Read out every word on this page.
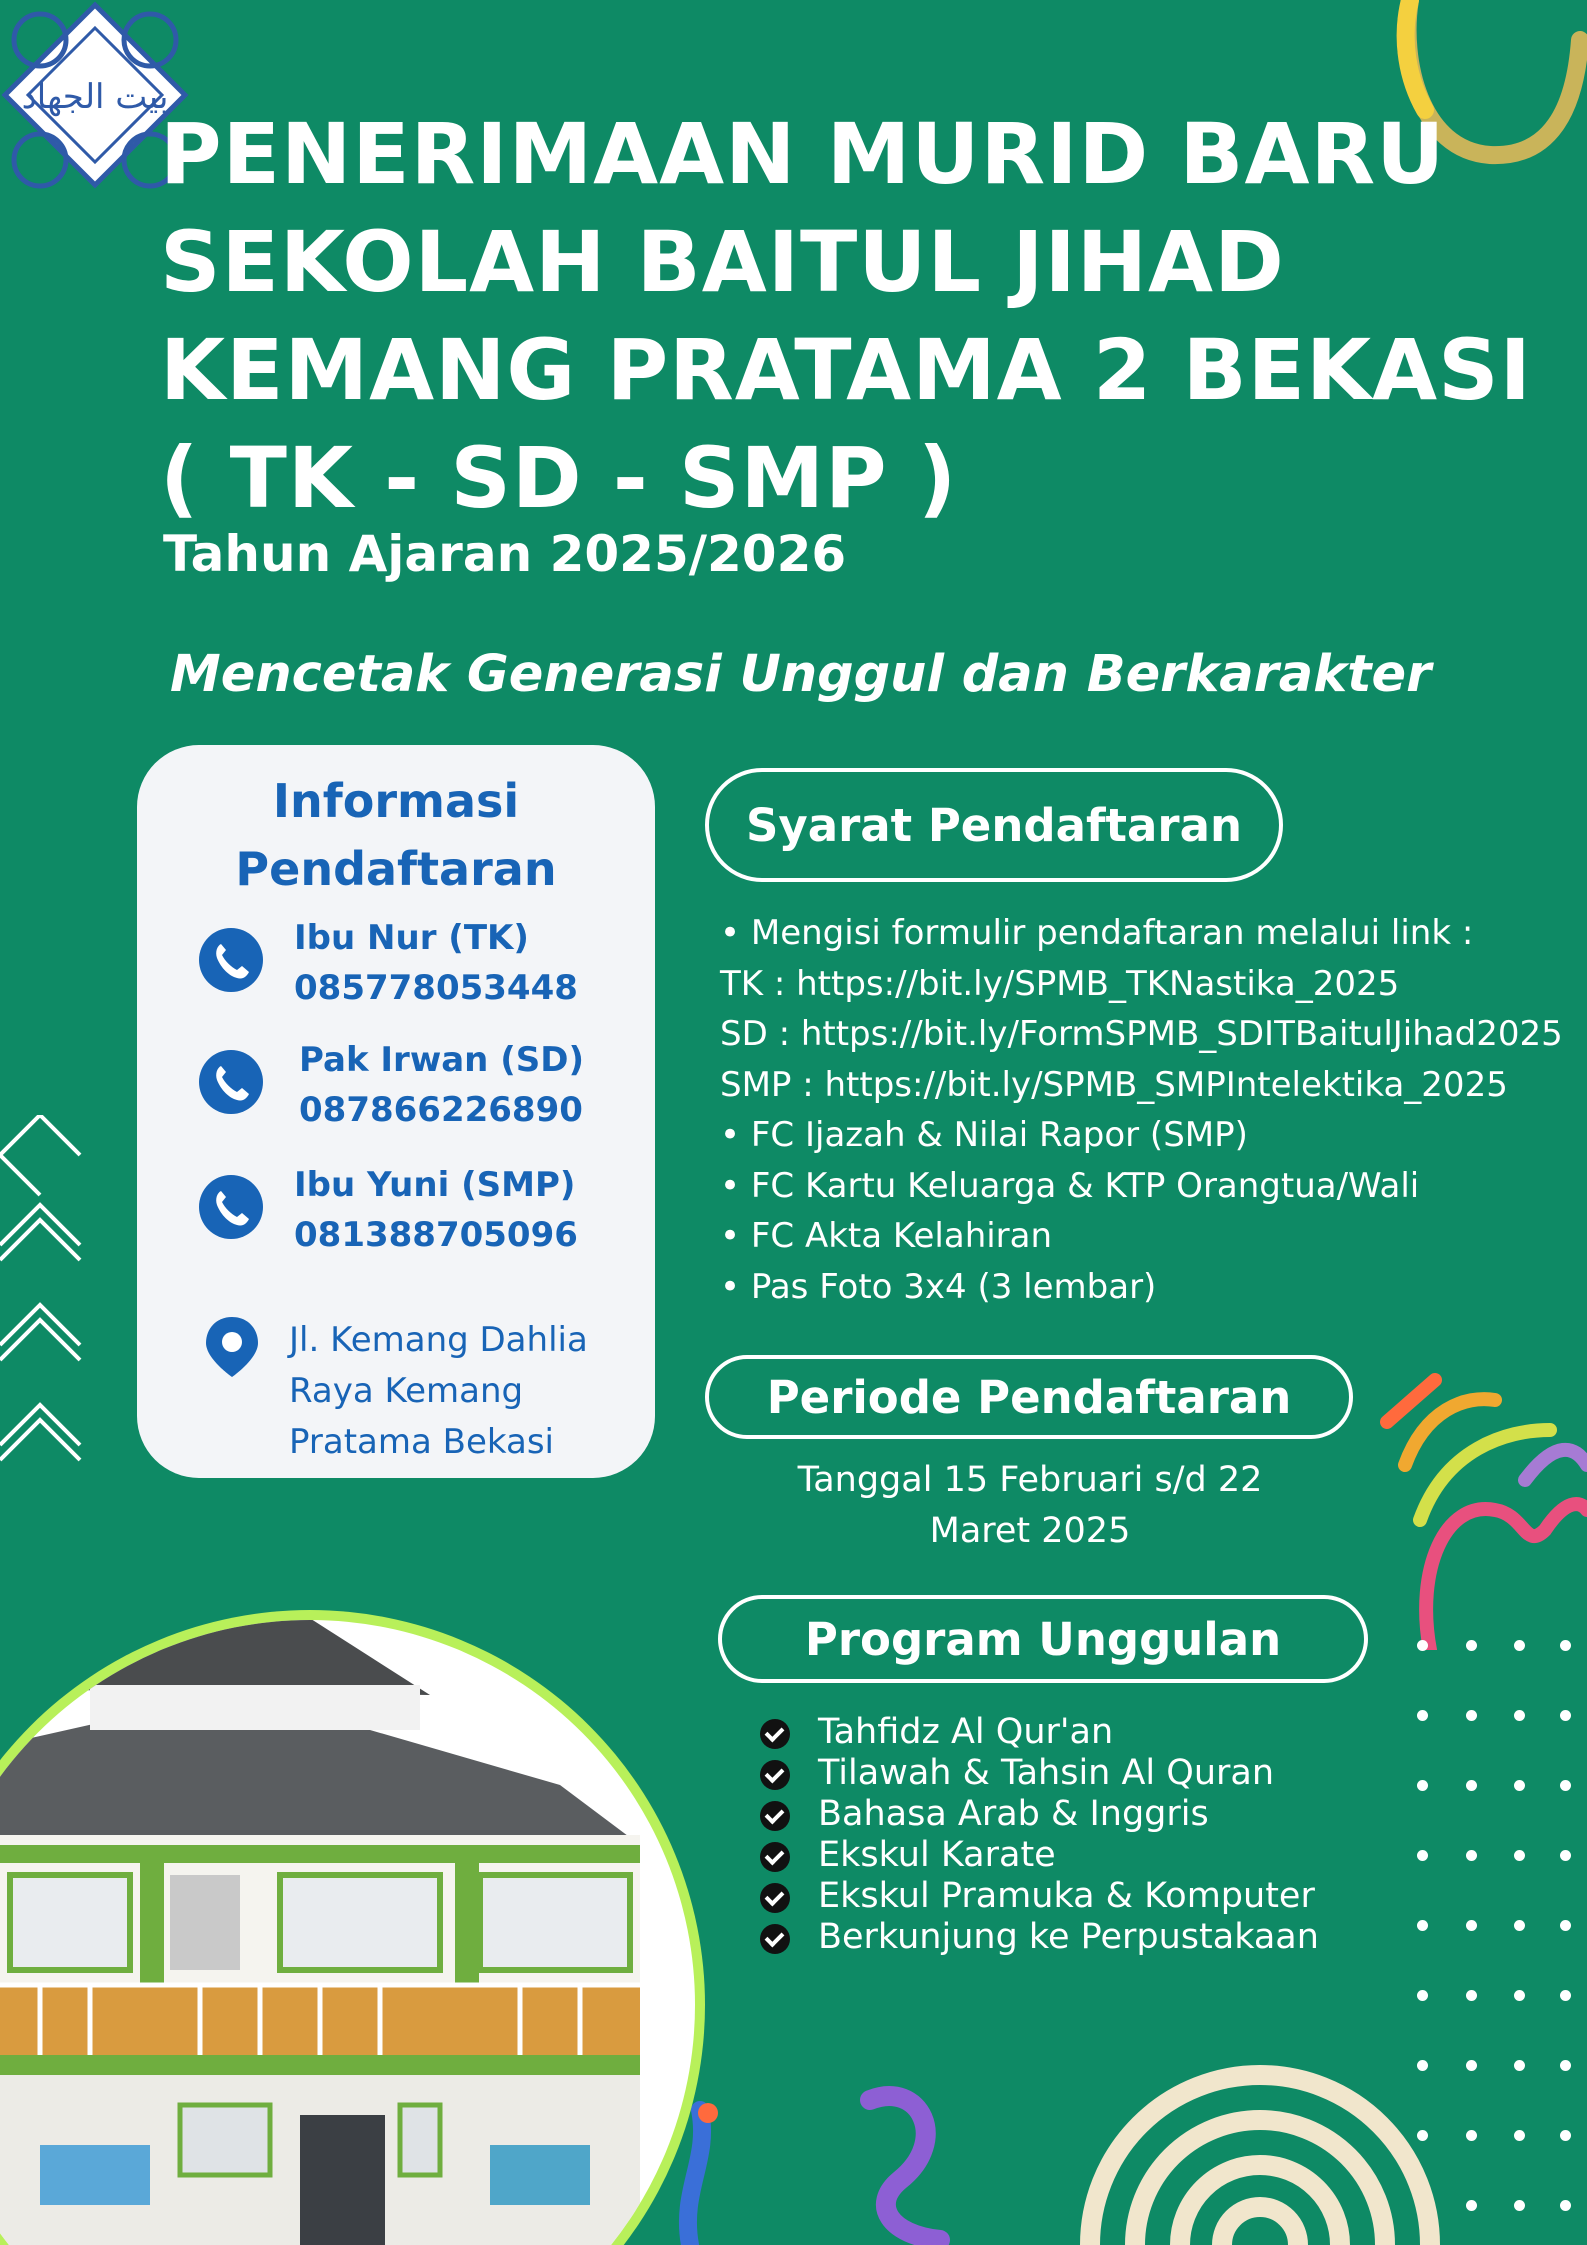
بيت الجهاد
PENERIMAAN MURID BARU
SEKOLAH BAITUL JIHAD
KEMANG PRATAMA 2 BEKASI
( TK - SD - SMP )

Tahun Ajaran 2025/2026

Mencetak Generasi Unggul dan Berkarakter

Informasi
Pendaftaran
Ibu Nur (TK)
085778053448
Pak Irwan (SD)
087866226890
Ibu Yuni (SMP)
081388705096
Jl. Kemang Dahlia
Raya Kemang
Pratama Bekasi
Syarat Pendaftaran
• Mengisi formulir pendaftaran melalui link :
TK : https://bit.ly/SPMB_TKNastika_2025
SD : https://bit.ly/FormSPMB_SDITBaitulJihad2025
SMP : https://bit.ly/SPMB_SMPIntelektika_2025
• FC Ijazah & Nilai Rapor (SMP)
• FC Kartu Keluarga & KTP Orangtua/Wali
• FC Akta Kelahiran
• Pas Foto 3x4 (3 lembar)
Periode Pendaftaran
Tanggal 15 Februari s/d 22
Maret 2025
Program Unggulan
Tahfidz Al Qur'an
Tilawah & Tahsin Al Quran
Bahasa Arab & Inggris
Ekskul Karate
Ekskul Pramuka & Komputer
Berkunjung ke Perpustakaan
